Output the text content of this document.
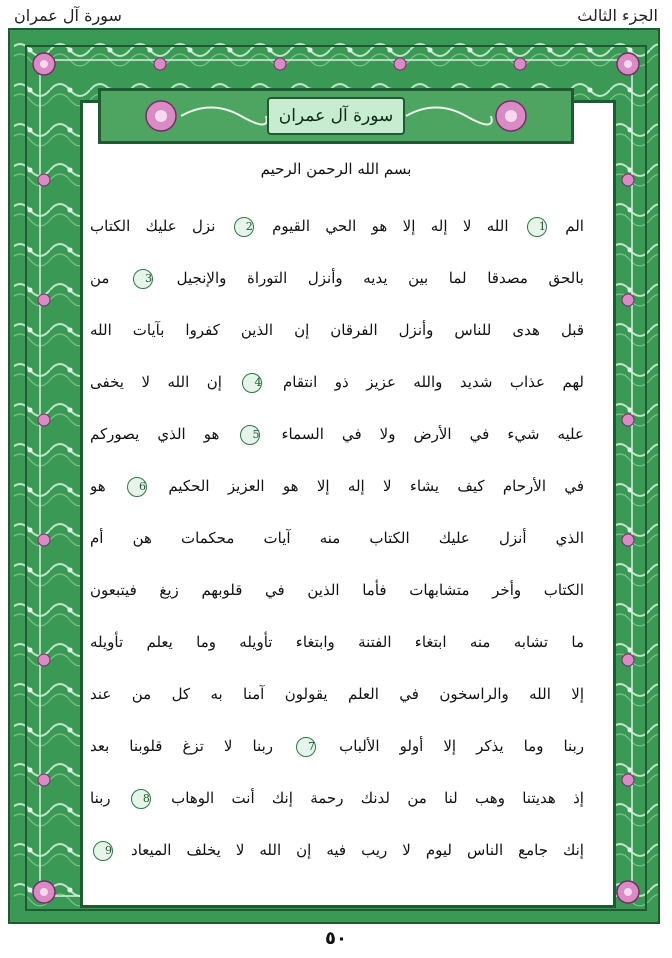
سورة آل عمران	الجزء الثالث
سورة آل عمران
بسم الله الرحمن الرحيم
الم 1 الله لا إله إلا هو الحي القيوم 2 نزل عليك الكتاب
بالحق مصدقا لما بين يديه وأنزل التوراة والإنجيل 3 من
قبل هدى للناس وأنزل الفرقان إن الذين كفروا بآيات الله
لهم عذاب شديد والله عزيز ذو انتقام 4 إن الله لا يخفى
عليه شيء في الأرض ولا في السماء 5 هو الذي يصوركم
في الأرحام كيف يشاء لا إله إلا هو العزيز الحكيم 6 هو
الذي أنزل عليك الكتاب منه آيات محكمات هن أم
الكتاب وأخر متشابهات فأما الذين في قلوبهم زيغ فيتبعون
ما تشابه منه ابتغاء الفتنة وابتغاء تأويله وما يعلم تأويله
إلا الله والراسخون في العلم يقولون آمنا به كل من عند
ربنا وما يذكر إلا أولو الألباب 7 ربنا لا تزغ قلوبنا بعد
إذ هديتنا وهب لنا من لدنك رحمة إنك أنت الوهاب 8 ربنا
إنك جامع الناس ليوم لا ريب فيه إن الله لا يخلف الميعاد 9
٥٠
